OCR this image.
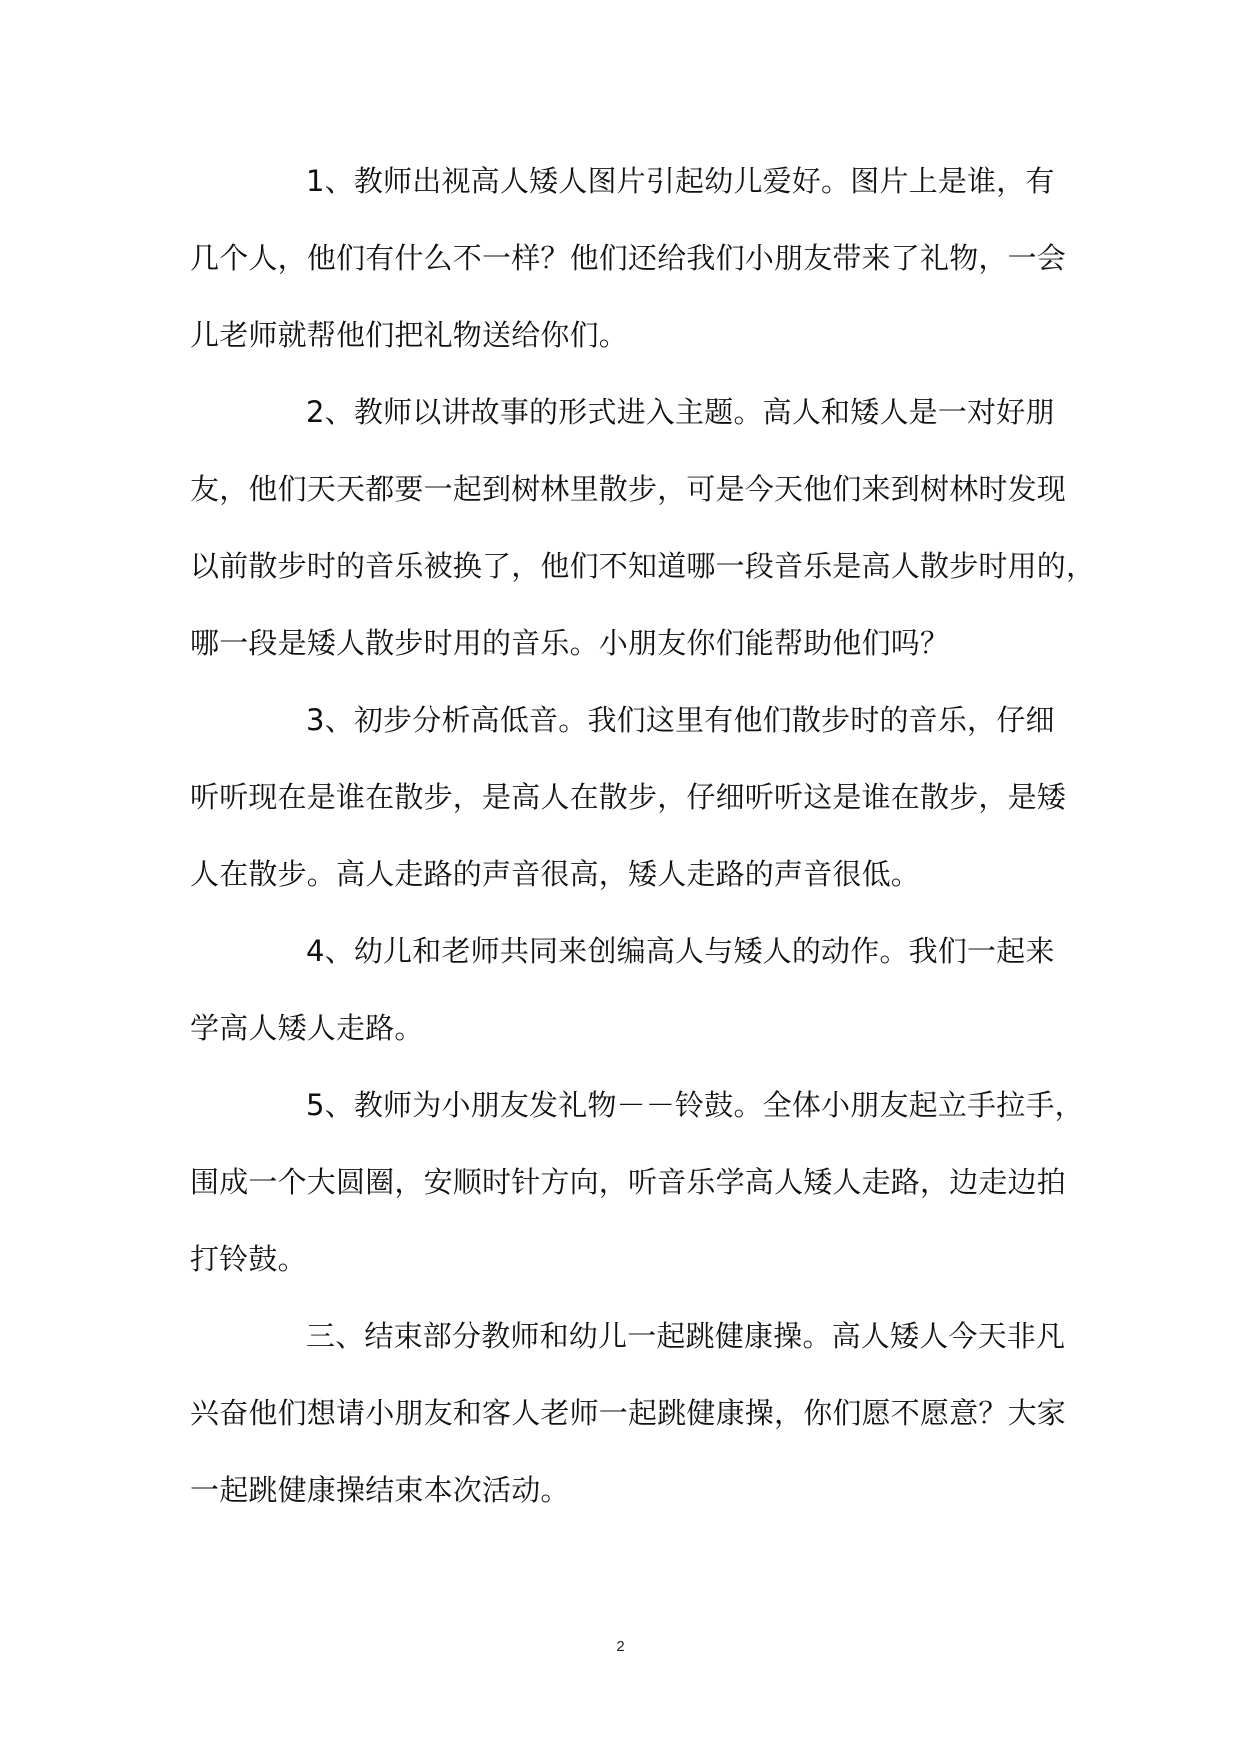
1、教师出视高人矮人图片引起幼儿爱好。图片上是谁，有
几个人，他们有什么不一样？他们还给我们小朋友带来了礼物，一会
儿老师就帮他们把礼物送给你们。

2、教师以讲故事的形式进入主题。高人和矮人是一对好朋
友，他们天天都要一起到树林里散步，可是今天他们来到树林时发现
以前散步时的音乐被换了，他们不知道哪一段音乐是高人散步时用的，
哪一段是矮人散步时用的音乐。小朋友你们能帮助他们吗？

3、初步分析高低音。我们这里有他们散步时的音乐，仔细
听听现在是谁在散步，是高人在散步，仔细听听这是谁在散步，是矮
人在散步。高人走路的声音很高，矮人走路的声音很低。

4、幼儿和老师共同来创编高人与矮人的动作。我们一起来
学高人矮人走路。

5、教师为小朋友发礼物－－铃鼓。全体小朋友起立手拉手，
围成一个大圆圈，安顺时针方向，听音乐学高人矮人走路，边走边拍
打铃鼓。

三、结束部分教师和幼儿一起跳健康操。高人矮人今天非凡
兴奋他们想请小朋友和客人老师一起跳健康操，你们愿不愿意？大家
一起跳健康操结束本次活动。

2
